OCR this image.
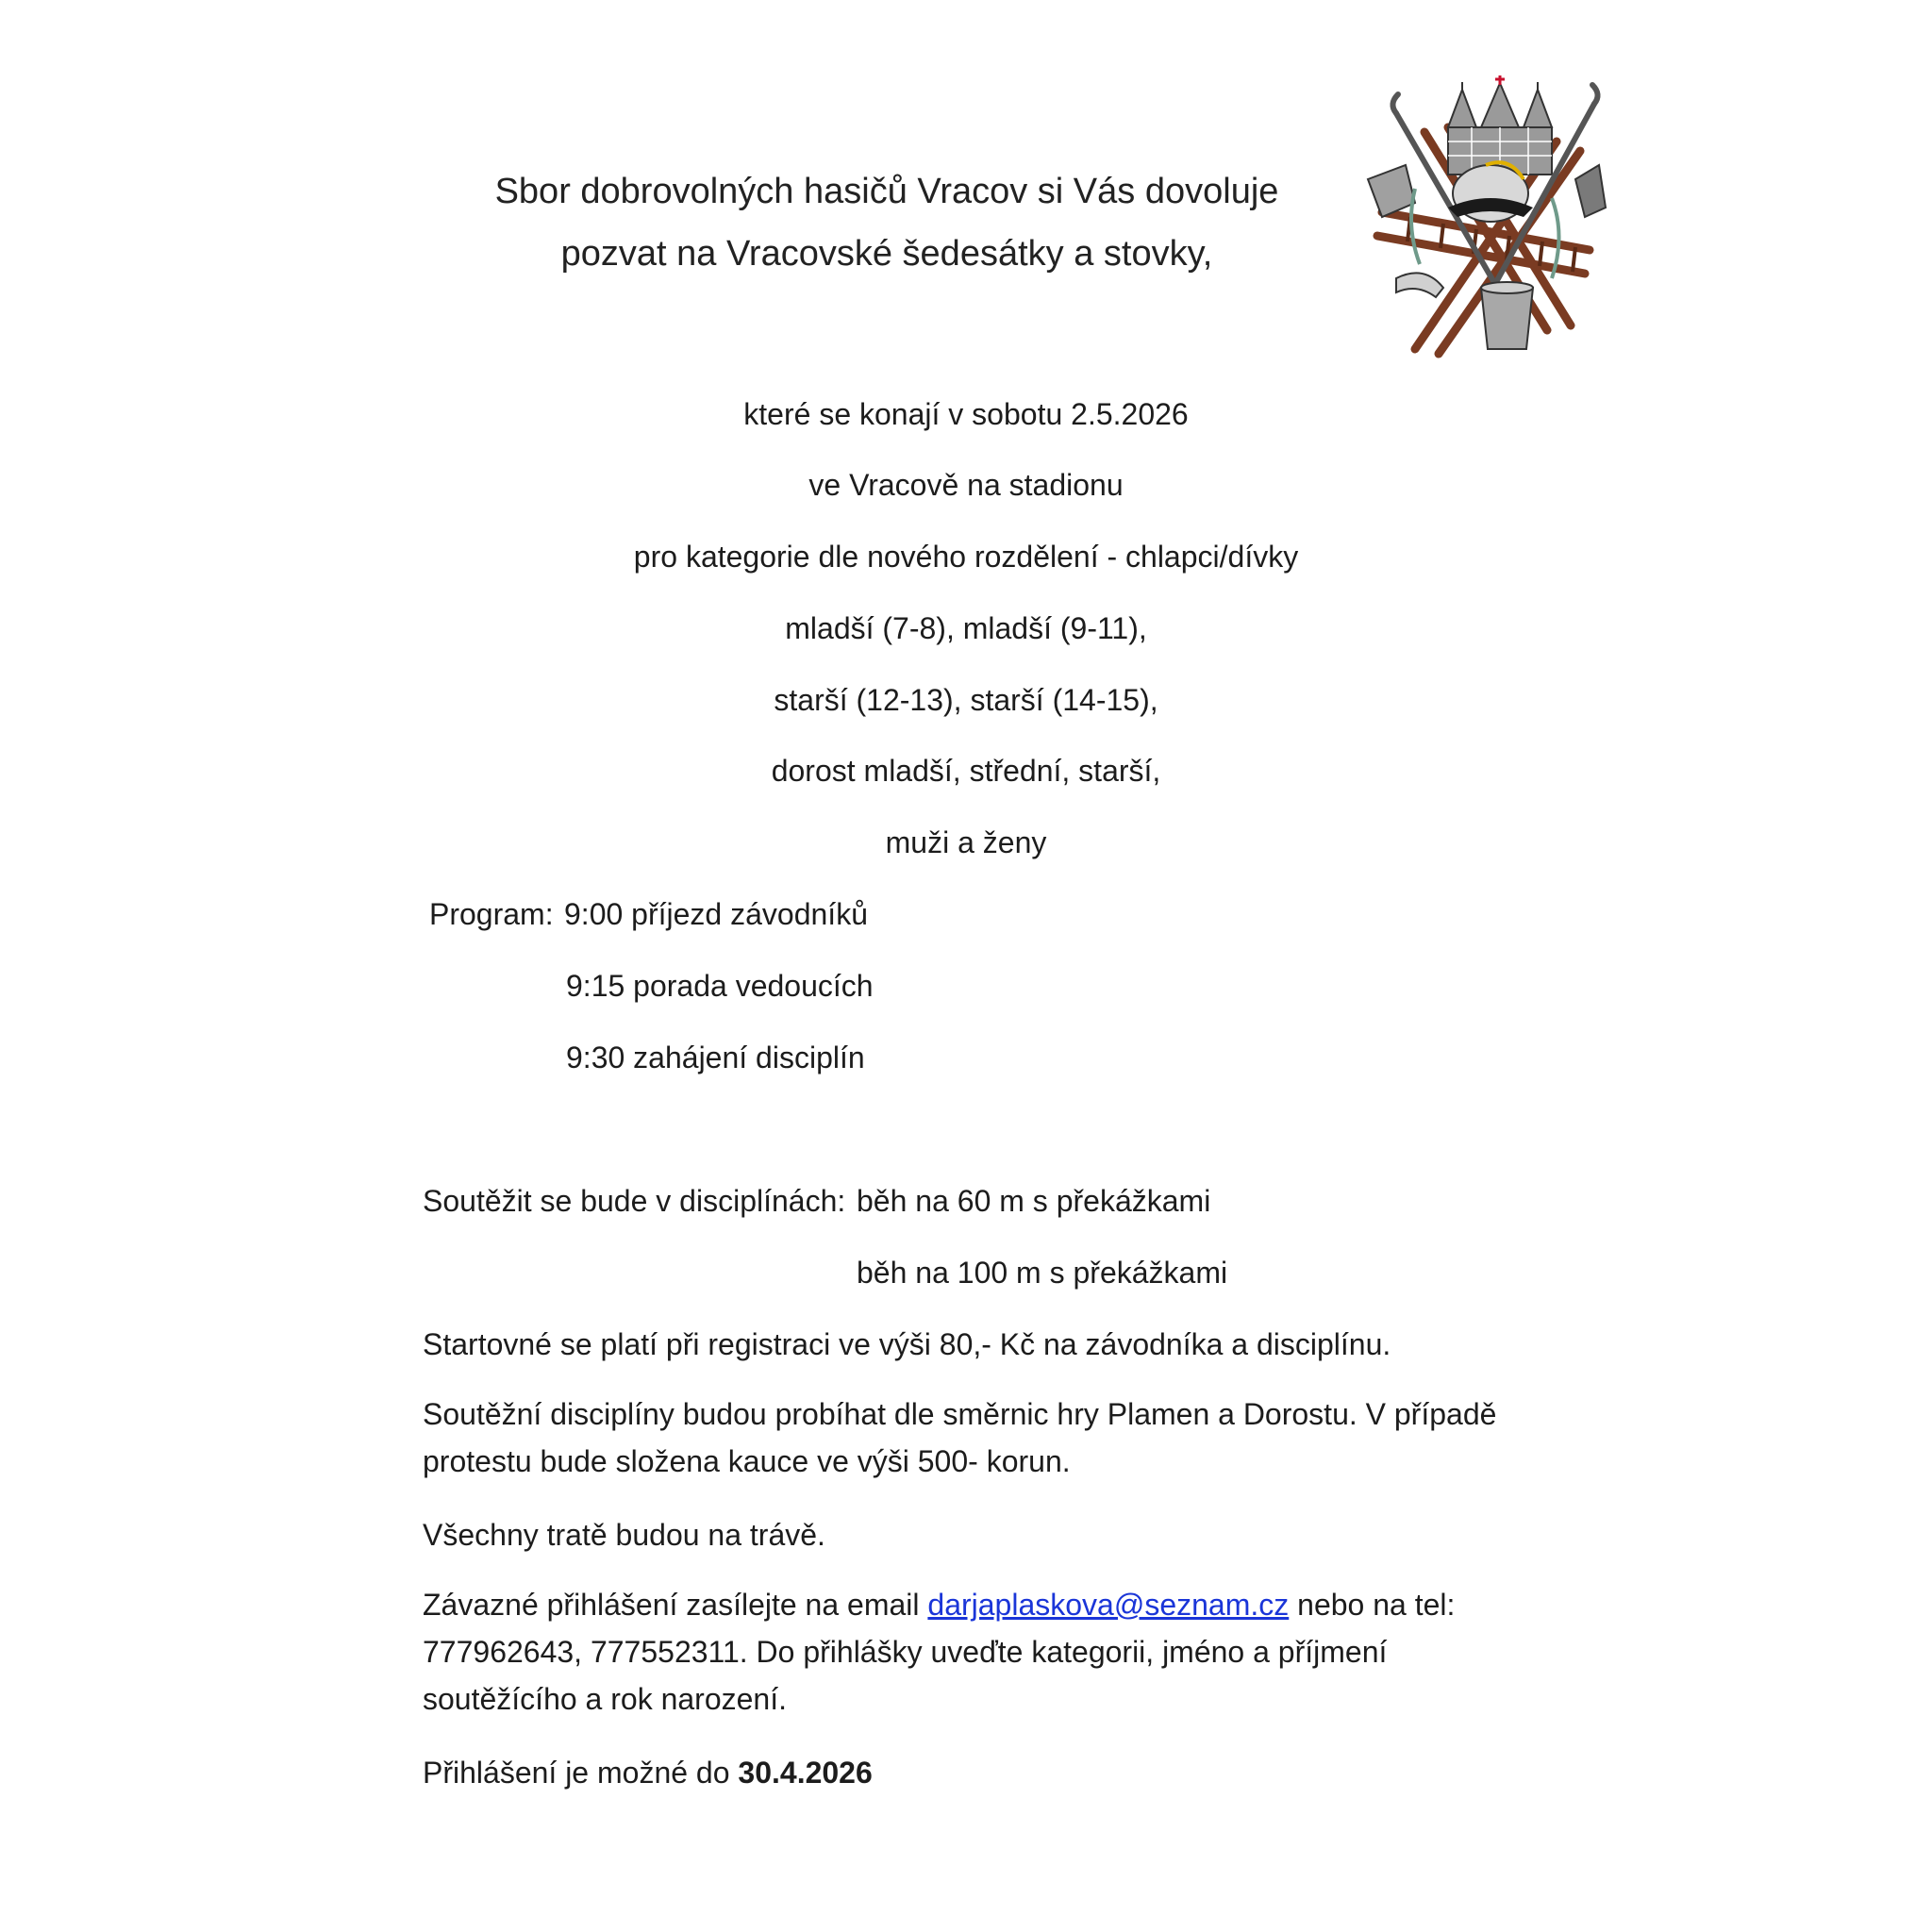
Sbor dobrovolných hasičů Vracov si Vás dovoluje
pozvat na Vracovské šedesátky a stovky,
které se konají v sobotu 2.5.2026
ve Vracově na stadionu
pro kategorie dle nového rozdělení - chlapci/dívky
mladší (7-8), mladší (9-11),
starší (12-13), starší (14-15),
dorost mladší, střední, starší,
muži a ženy
Program: 9:00 příjezd závodníků
9:15 porada vedoucích
9:30 zahájení disciplín
Soutěžit se bude v disciplínách: běh na 60 m s překážkami
běh na 100 m s překážkami
Startovné se platí při registraci ve výši 80,- Kč na závodníka a disciplínu.
Soutěžní disciplíny budou probíhat dle směrnic hry Plamen a Dorostu. V případě protestu bude složena kauce ve výši 500- korun.
Všechny tratě budou na trávě.
Závazné přihlášení zasílejte na email darjaplaskova@seznam.cz nebo na tel: 777962643, 777552311. Do přihlášky uveďte kategorii, jméno a příjmení soutěžícího a rok narození.
Přihlášení je možné do 30.4.2026
